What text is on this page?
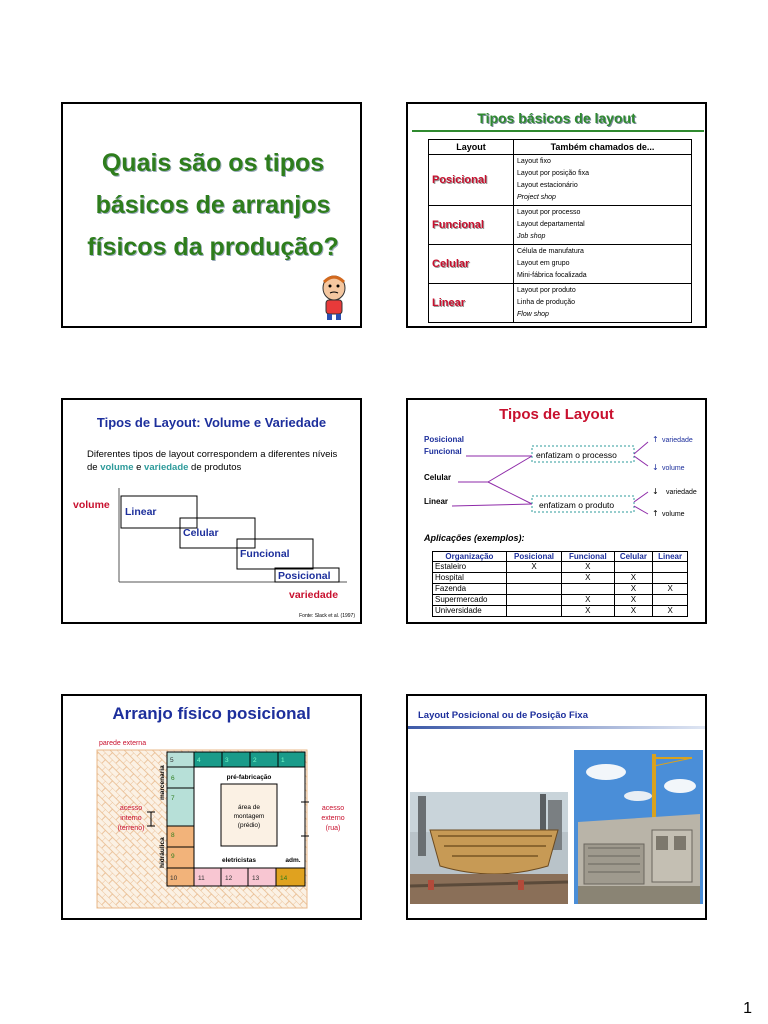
Quais são os tipos básicos de arranjos físicos da produção?
Tipos básicos de layout
Layout	Também chamados de...
Posicional	Layout fixo
Layout por posição fixa
Layout estacionário
Project shop

Funcional	Layout por processo
Layout departamental
Job shop

Celular	Célula de manufatura
Layout em grupo
Mini-fábrica focalizada

Linear	Layout por produto
Linha de produção
Flow shop
Tipos de Layout: Volume e Variedade
Diferentes tipos de layout correspondem a diferentes níveis de volume e variedade de produtos
volume
variedade
Linear
Celular
Funcional
Posicional
Fonte: Slack et al. (1997)
Tipos de Layout
Posicional
Funcional
Celular
Linear
enfatizam o processo
enfatizam o produto
↑ variedade
↓ volume
↓ variedade
↑ volume
Aplicações (exemplos):
Organização	Posicional	Funcional	Celular	Linear
Estaleiro	X	X		
Hospital		X	X	
Fazenda			X	X
Supermercado		X	X	
Universidade		X	X	X
Arranjo físico posicional
parede externa
5	4	3	2	1
6
7
8
9
10	11	12	13	14
área de
montagem
(prédio)
pré-fabricação
eletricistas	adm.
marcenaria
hidráulica
acesso
interno
(terreno)
acesso
externo
(rua)
Layout Posicional ou de Posição Fixa
1
